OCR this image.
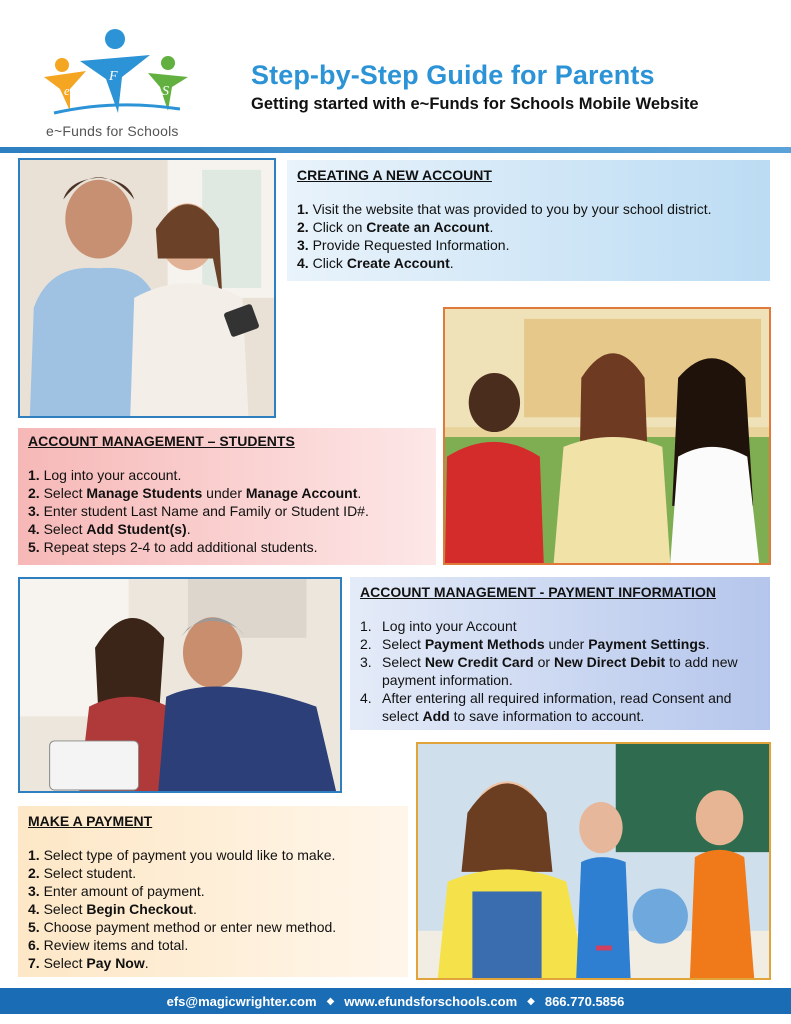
e
F
S
e~Funds for Schools
Step-by-Step Guide for Parents
Getting started with e~Funds for Schools Mobile Website
CREATING A NEW ACCOUNT
1. Visit the website that was provided to you by your school district.
2. Click on Create an Account.
3. Provide Requested Information.
4. Click Create Account.
ACCOUNT MANAGEMENT – STUDENTS
1. Log into your account.
2. Select Manage Students under Manage Account.
3. Enter student Last Name and Family or Student ID#.
4. Select Add Student(s).
5. Repeat steps 2-4 to add additional students.
ACCOUNT MANAGEMENT - PAYMENT INFORMATION
1. Log into your Account
2. Select Payment Methods under Payment Settings.
3. Select New Credit Card or New Direct Debit to add new payment information.
4. After entering all required information, read Consent and select Add to save information to account.
MAKE A PAYMENT
1. Select type of payment you would like to make.
2. Select student.
3. Enter amount of payment.
4. Select Begin Checkout.
5. Choose payment method or enter new method.
6. Review items and total.
7. Select Pay Now.
efs@magicwrighter.com ◆ www.efundsforschools.com ◆ 866.770.5856
